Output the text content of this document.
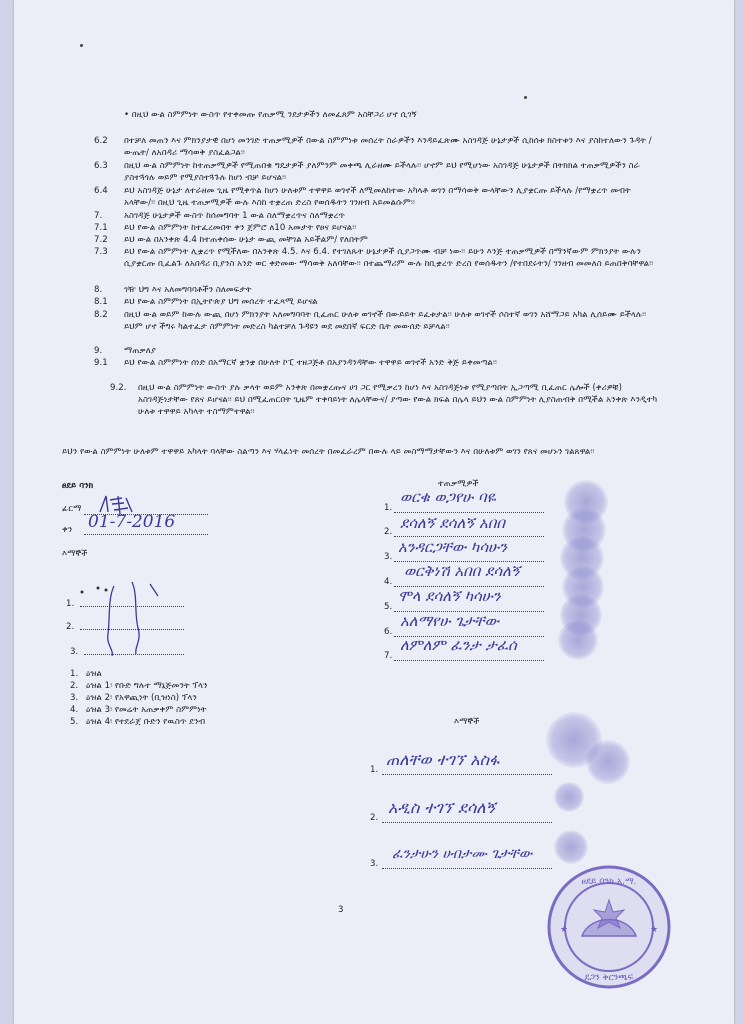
• በዚህ ውል ስምምነት ውስጥ የተቀመጡ የጠቃሚ ንደታዎችን ለመፈጸም አስቸጋሪ ሆኖ ሲገኝ
6.2 በተቻለ መጠን እና ምክንያታዊ በሆነ መንገድ ተጠቃሚዎች በውል ስምምነቱ መሰረት ስራዎችን እንዳይፈጽሙ አስገዳጅ ሁኔታዎች ሲከሰቱ ክስተቱን እና ያስከተለውን ጉዳት /ውጤት/ ለአበዳሪ ማሳወቅ ያስፈልጋል፡፡
6.3 በዚህ ውል ስምምነት ከተጠቃሚዎች የሚጠበቁ ግዴታዎች ያለምንም መቀጫ ሊራዘሙ ይችላሉ፡፡ ሆኖም ይህ የሚሆነው አስገዳጅ ሁኔታዎች በትክክል ተጠቃሚዎችን ስራ ያስተጓጎሉ ወይም የሚያስተጓጉሉ ከሆነ ብቻ ይሆናል፡፡
6.4 ይህ አስገዳጅ ሁኔታ ለተራዘመ ጊዜ የሚቀጥል ከሆነ ሁለቱም ተዋዋይ ወገኖች ለሚመለከተው አካላቶ ወገን በማሳወቅ ውላቸውን ሊያቋርጡ ይችላሉ /የማቋረጥ መብት አላቸው/፡፡ በዚህ ጊዜ ተጠቃሚዎች ውሉ እስከ ተቋረጠ ድረስ የወሰዱትን ገንዘብ አይመልሱም፡፡
7.	አስገዳጅ ሁኔታዎች ውስጥ ከሰመግባት 1 ውል ስለማቋረጥና ስለማቋረጥ
7.1 ይህ የውል ስምምነት ከተፈረመበት ቀን ጀምሮ ለ10 አመታት የፀና ይሆናል፡፡
7.2 ይህ ውል በአንቀጽ 4.4 ከተጠቀሰው ሁኔታ ውጪ መቸገል አይችልም/ የለበትም
7.3 ይህ የውል ስምምነት ሊቋረጥ የሚችለው በአንቀጽ 4.5. እና 6.4. የተገለጹት ሁኔታዎች ሲያጋጥሙ ብቻ ነው፡፡ ይሁን እንጅ ተጠቃሚዎች በማንኛውም ምክንያት ውሉን ሲያቋርጡ ቢፈልጉ ለአበዳሪ ቢያንስ አንድ ወር ቀድመው ማሳወቅ አለባቸው፡፡ በተጨማሪም ውሉ ከቢቋረጥ ድረስ የወሰዱትን /የተበደሩትን/ ገንዘብ መመለስ ይጠበቅባቸዋል፡፡
8.	ገዥ ህግ እና አለመግባባቶችን ስለመፍታት
8.1 ይህ የውል ስምምነት በኢትዮጵያ ህግ መሰረት ተፈጻሚ ይሆናል
8.2 በዚህ ውል ወይም ከውሉ ውጪ በሆነ ምክንያት አለመግባባት ቢፈጠር ሁለቱ ወገኖች በውይይት ይፈቱታል፡፡ ሁለቱ ወገኖች ሶስተኛ ወገን አሸማጋይ አካል ሊሰይሙ ይችላሉ፡፡ ይህም ሆኖ ችግሩ ካልተፈታ ስምምነት መድረስ ካልተቻለ ጉዳዩን ወደ መደበኛ ፍርድ ቤት መውሰድ ይቻላል፡፡
9.	ማጠቃለያ
9.1 ይህ የውል ስምምነት ሰነድ በአማርኛ ቋንቋ በሁለት ኮፒ ተዘጋጅቶ በአያንዳንዳቸው ተዋዋይ ወገኖች አንድ ቅጅ ይቀመጣል፡፡
9.2. በዚህ ውል ስምምነት ውስጥ ያሉ ቃላት ወይም አንቀጽ በመቋረጡና ሀገ ጋር የሚቃረን ከሆነ እና አስገዳጅነቱ የሚያጣበት ኢጋጣሚ ቢፈጠር ሌሎች (ቀሪዎቹ) አስገዳጅነታቸው የጸና ይሆናል፡፡ ይህ በሚፈጠርበት ጊዜም ተቀባይነት ለሌላቸውና/ ያጣው የውል ክፍል በሌላ ይህን ውል ስምምነት ሊያስጠብቅ በሚችል አንቀጽ እንዲተካ ሁለቱ ተዋዋይ አካላት ተስማምተዋል፡፡
ይህን የውል ስምምነት ሁለቱም ተዋዋይ አካላት ባላቸው ስልጣን እና ሃላፊነት መሰረት በመፈራረም በውሉ ላይ መስማማታቸውን እና በሁለቱም ወገን የጸና መሆኑን ገልጸዋል፡፡
ፀደይ ባንክ
ፊርማ
ቀን 01-7-2016
እማኞች
1.
2.
3.
1. ዕዝል
2. ዕዝል 1፡ የቡድ ግሉተ ማኔጅመንት ፕላን
3. ዕዝል 2፡ የአዋጪነት (ቢዝነስ) ፕላን
4. ዕዝል 3፡ የመሬት አጠቃቀም ስምምነት
5. ዕዝል 4፡ የተደራጀ ቡድን የዉስጥ ደንብ
ተጠቃሚዎች
1.
ወርቁ ወጋየሁ ባዬ
2. ደሳለኝ ደሳለኝ አበበ
3.
አንዳርጋቸው ካሳሁን
4.
ወርቅነሽ አበበ ደሳለኝ
5.
ሞላ ደሳለኝ ካሳሁን
6.
አለማየሁ ጌታቸው
7.
ለምለም ፈንታ ታፈሰ
እማኞች
1.
ጠለቸወ ተገኘ አስፋ
2.
አዲስ ተገኘ ደሳለኝ
3.
ፈንታሁን ሀብታሙ ጌታቸው
3
ፀደይ ባንክ አ.ማ.
ደጋን ቅርንጫፍ
★	★
